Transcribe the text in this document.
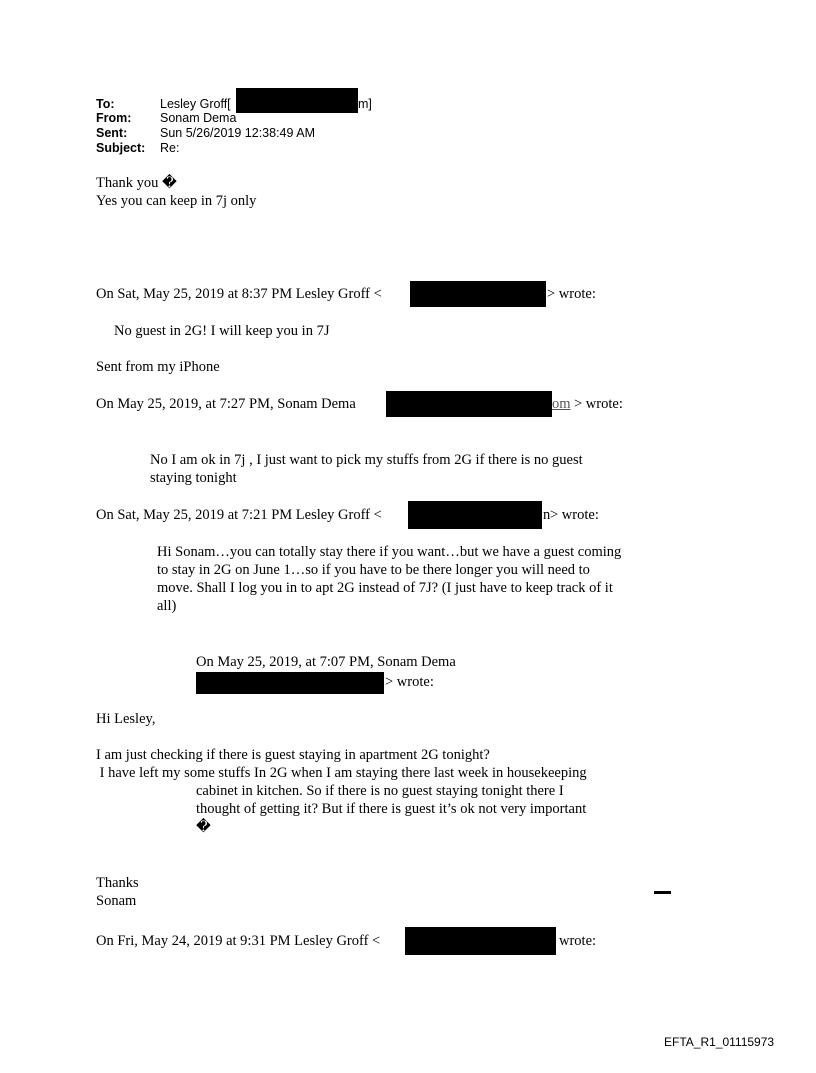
To:	Lesley Groff[	m]
From: Sonam Dema
Sent:	Sun 5/26/2019 12:38:49 AM
Subject: Re:
Thank you �
Yes you can keep in 7j only
On Sat, May 25, 2019 at 8:37 PM Lesley Groff <	> wrote:
No guest in 2G! I will keep you in 7J
Sent from my iPhone
On May 25, 2019, at 7:27 PM, Sonam Dema	om > wrote:
No I am ok in 7j , I just want to pick my stuffs from 2G if there is no guest
staying tonight
On Sat, May 25, 2019 at 7:21 PM Lesley Groff <	n > wrote:
Hi Sonam…you can totally stay there if you want…but we have a guest coming
to stay in 2G on June 1…so if you have to be there longer you will need to
move. Shall I log you in to apt 2G instead of 7J? (I just have to keep track of it
all)
On May 25, 2019, at 7:07 PM, Sonam Dema
> wrote:
Hi Lesley,
I am just checking if there is guest staying in apartment 2G tonight?
I have left my some stuffs In 2G when I am staying there last week in housekeeping
cabinet in kitchen. So if there is no guest staying tonight there I
thought of getting it? But if there is guest it’s ok not very important
�
Thanks
Sonam
On Fri, May 24, 2019 at 9:31 PM Lesley Groff <	wrote:
EFTA_R1_01115973
